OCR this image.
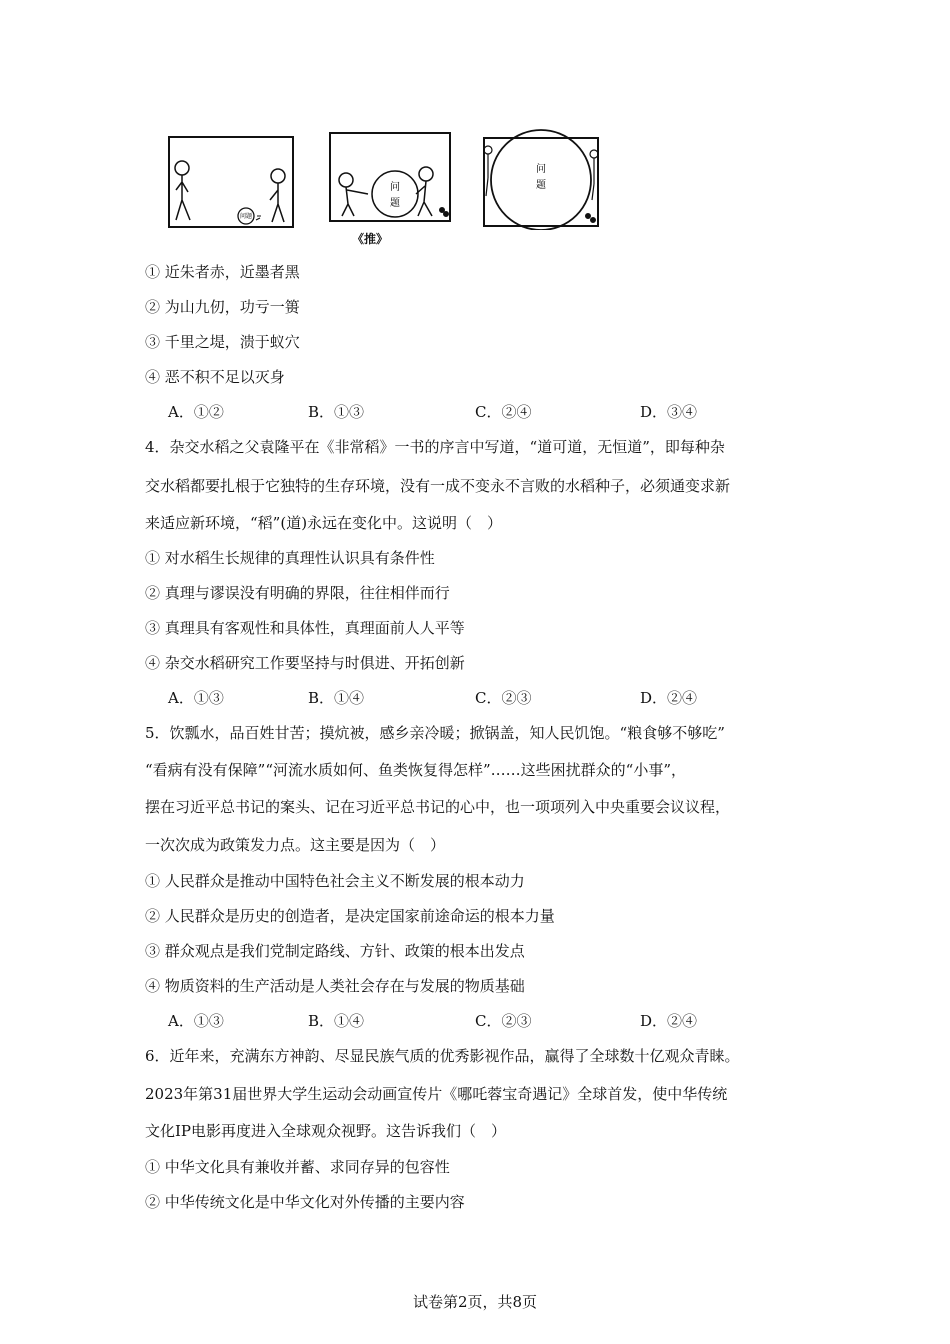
问题
问
题
问
题
《推》
① 近朱者赤，近墨者黑
② 为山九仞，功亏一篑
③ 千里之堤，溃于蚁穴
④ 恶不积不足以灭身
A．①②	B．①③	C．②④	D．③④
4．杂交水稻之父袁隆平在《非常稻》一书的序言中写道，“道可道，无恒道”，即每种杂
交水稻都要扎根于它独特的生存环境，没有一成不变永不言败的水稻种子，必须通变求新
来适应新环境，“稻”(道)永远在变化中。这说明（　）
① 对水稻生长规律的真理性认识具有条件性
② 真理与谬误没有明确的界限，往往相伴而行
③ 真理具有客观性和具体性，真理面前人人平等
④ 杂交水稻研究工作要坚持与时俱进、开拓创新
A．①③	B．①④	C．②③	D．②④
5．饮瓢水，品百姓甘苦；摸炕被，感乡亲冷暖；掀锅盖，知人民饥饱。“粮食够不够吃”
“看病有没有保障”“河流水质如何、鱼类恢复得怎样”……这些困扰群众的“小事”，
摆在习近平总书记的案头、记在习近平总书记的心中，也一项项列入中央重要会议议程，
一次次成为政策发力点。这主要是因为（　）
① 人民群众是推动中国特色社会主义不断发展的根本动力
② 人民群众是历史的创造者，是决定国家前途命运的根本力量
③ 群众观点是我们党制定路线、方针、政策的根本出发点
④ 物质资料的生产活动是人类社会存在与发展的物质基础
A．①③	B．①④	C．②③	D．②④
6．近年来，充满东方神韵、尽显民族气质的优秀影视作品，赢得了全球数十亿观众青睐。
2023年第31届世界大学生运动会动画宣传片《哪吒蓉宝奇遇记》全球首发，使中华传统
文化IP电影再度进入全球观众视野。这告诉我们（　）
① 中华文化具有兼收并蓄、求同存异的包容性
② 中华传统文化是中华文化对外传播的主要内容
试卷第2页，共8页
